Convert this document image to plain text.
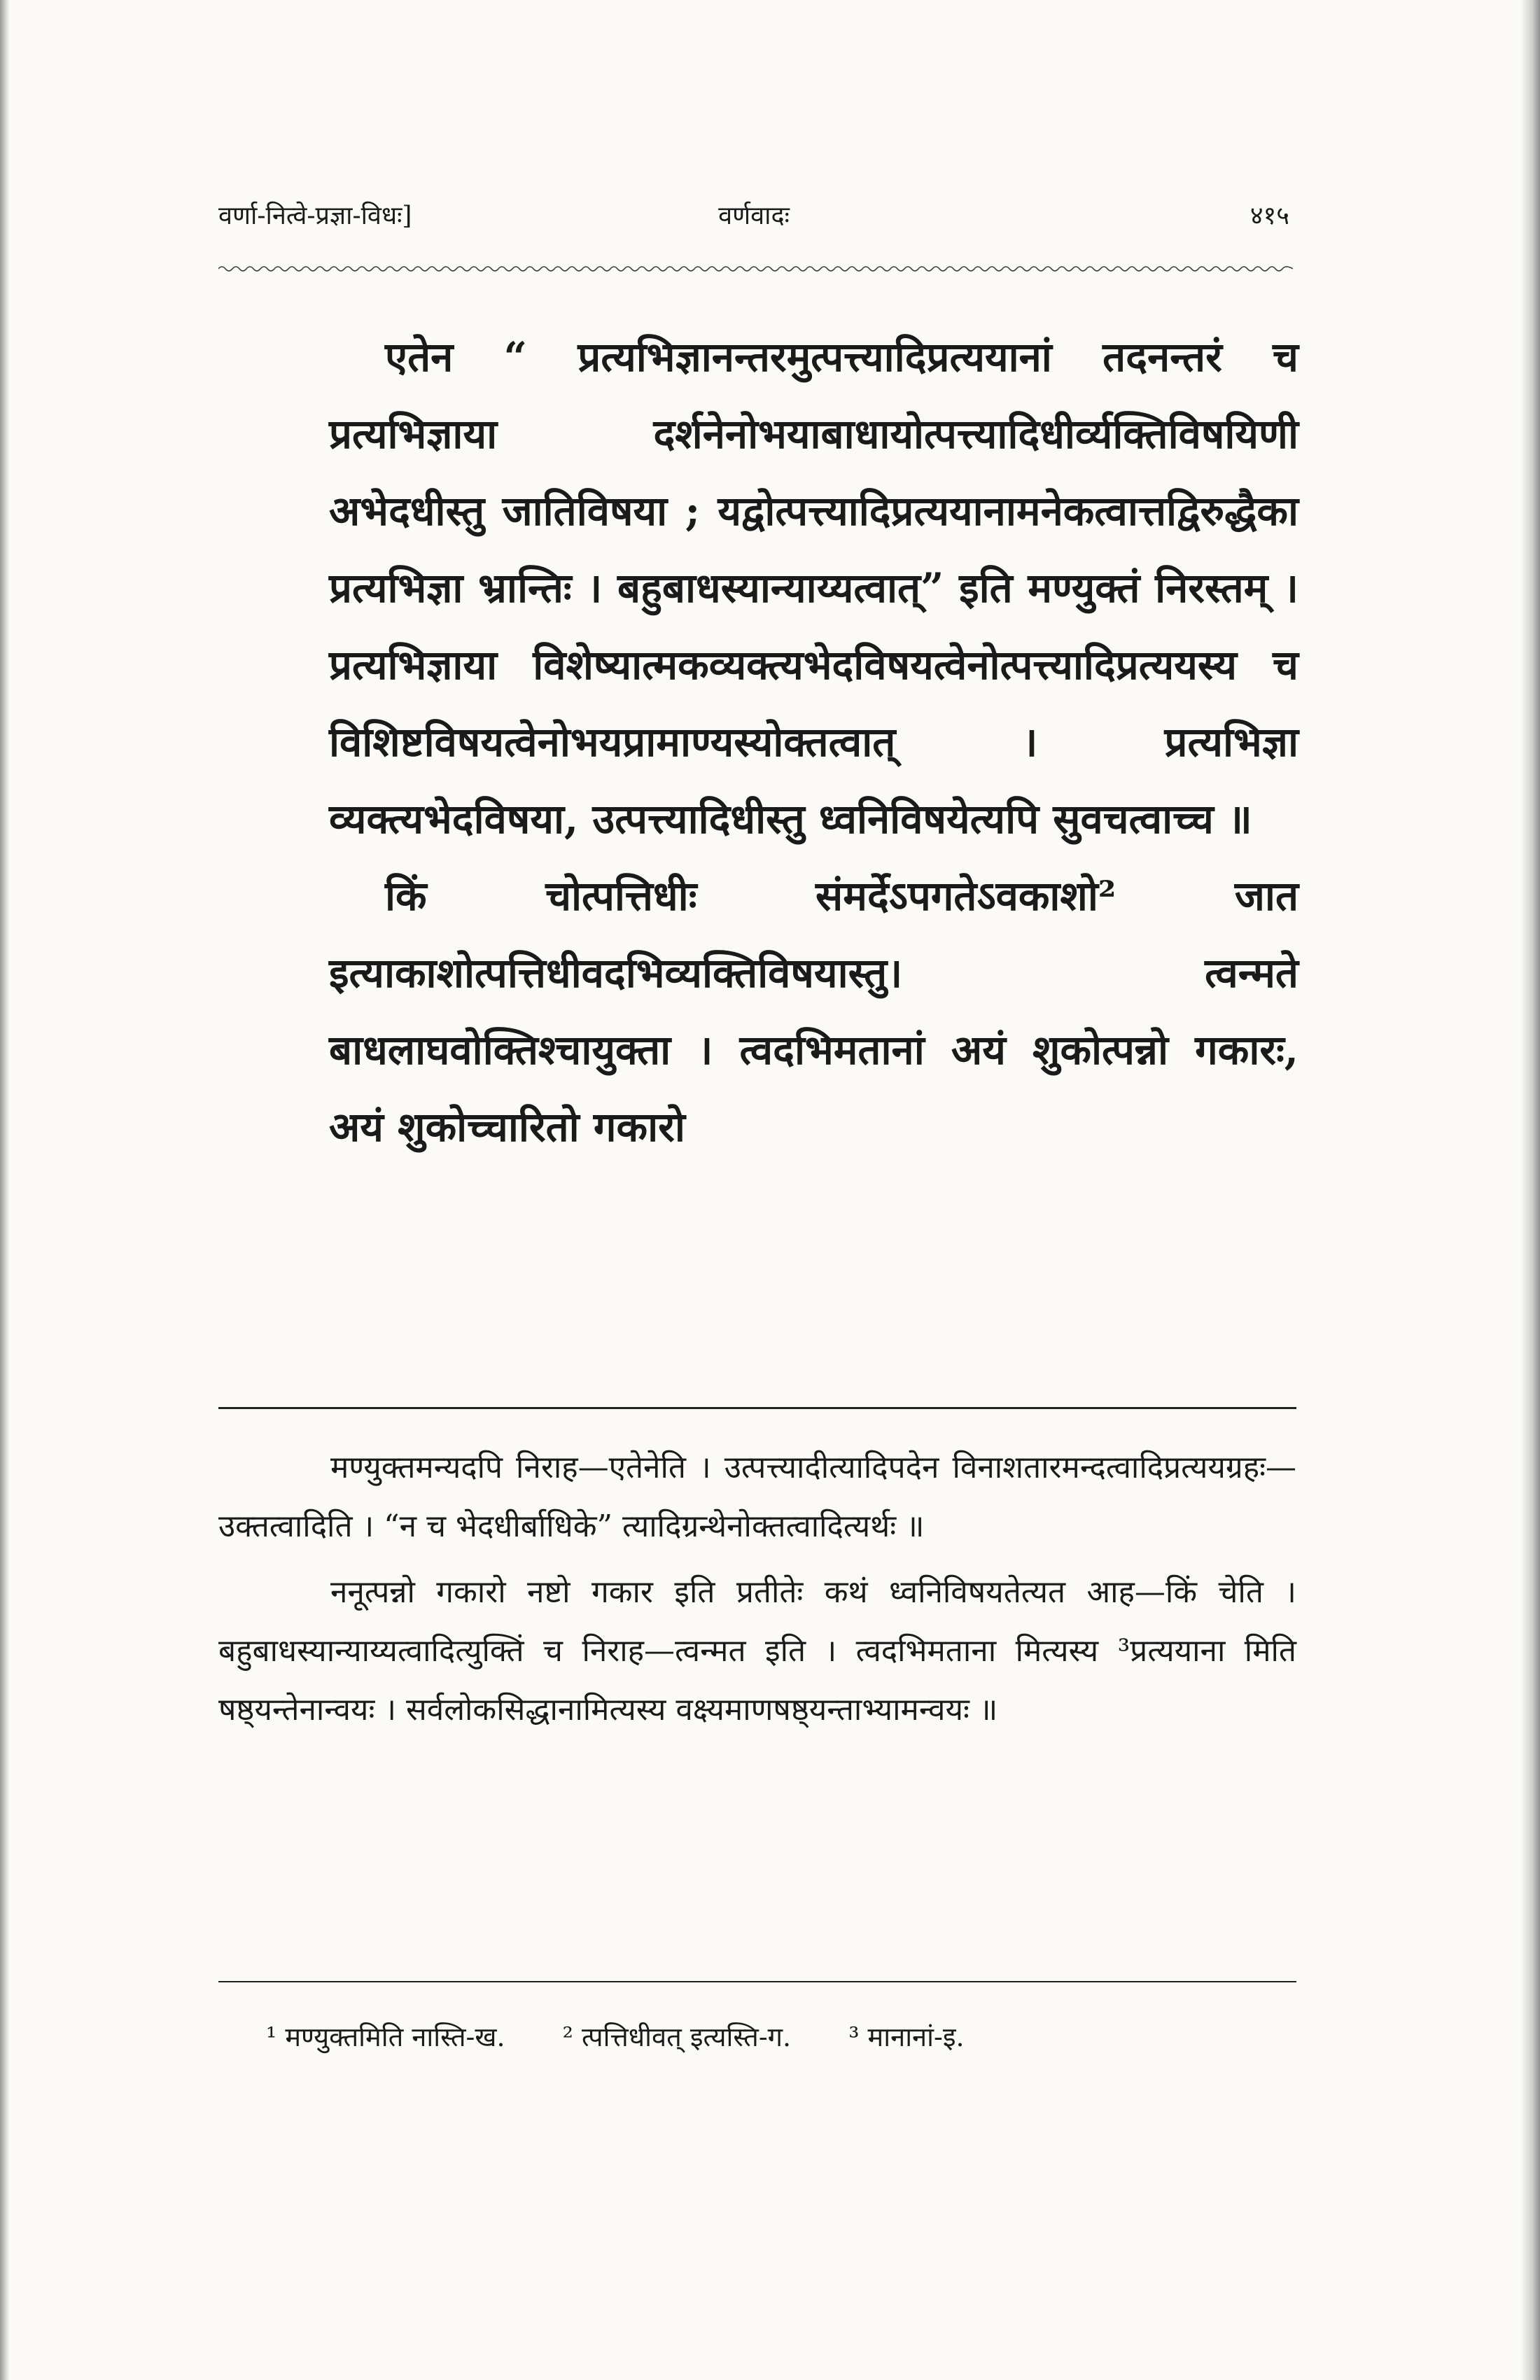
वर्णा-नित्वे-प्रज्ञा-विधः]	वर्णवादः	४१५

एतेन “ प्रत्यभिज्ञानन्तरमुत्पत्त्यादिप्रत्ययानां तदनन्तरं च प्रत्यभिज्ञाया दर्शनेनोभयाबाधायोत्पत्त्यादिधीर्व्यक्तिविषयिणी अभेदधीस्तु जातिविषया ; यद्वोत्पत्त्यादिप्रत्ययानामनेकत्वात्तद्विरुद्धैका प्रत्यभिज्ञा भ्रान्तिः । बहुबाधस्यान्याय्यत्वात्” इति मण्युक्तं निरस्तम् । प्रत्यभिज्ञाया विशेष्यात्मकव्यक्त्यभेदविषयत्वेनोत्पत्त्यादिप्रत्ययस्य च विशिष्टविषयत्वेनोभयप्रामाण्यस्योक्तत्वात् । प्रत्यभिज्ञा व्यक्त्यभेदविषया, उत्पत्त्यादिधीस्तु ध्वनिविषयेत्यपि सुवचत्वाच्च ॥

किं चोत्पत्तिधीः संमर्देऽपगतेऽवकाशो² जात इत्याकाशोत्पत्तिधीवदभिव्यक्तिविषयास्तु। त्वन्मते बाधलाघवोक्तिश्चायुक्ता । त्वदभिमतानां अयं शुकोत्पन्नो गकारः, अयं शुकोच्चारितो गकारो

मण्युक्तमन्यदपि निराह—एतेनेति । उत्पत्त्यादीत्यादिपदेन विनाशतारमन्दत्वादिप्रत्ययग्रहः—उक्तत्वादिति । “न च भेदधीर्बाधिके” त्यादिग्रन्थेनोक्तत्वादित्यर्थः ॥

ननूत्पन्नो गकारो नष्टो गकार इति प्रतीतेः कथं ध्वनिविषयतेत्यत आह—किं चेति । बहुबाधस्यान्याय्यत्वादित्युक्तिं च निराह—त्वन्मत इति । त्वदभिमताना मित्यस्य ³प्रत्ययाना मिति षष्ठ्यन्तेनान्वयः । सर्वलोकसिद्धानामित्यस्य वक्ष्यमाणषष्ठ्यन्ताभ्यामन्वयः ॥

¹ मण्युक्तमिति नास्ति-ख. ² त्पत्तिधीवत् इत्यस्ति-ग. ³ मानानां-इ.
